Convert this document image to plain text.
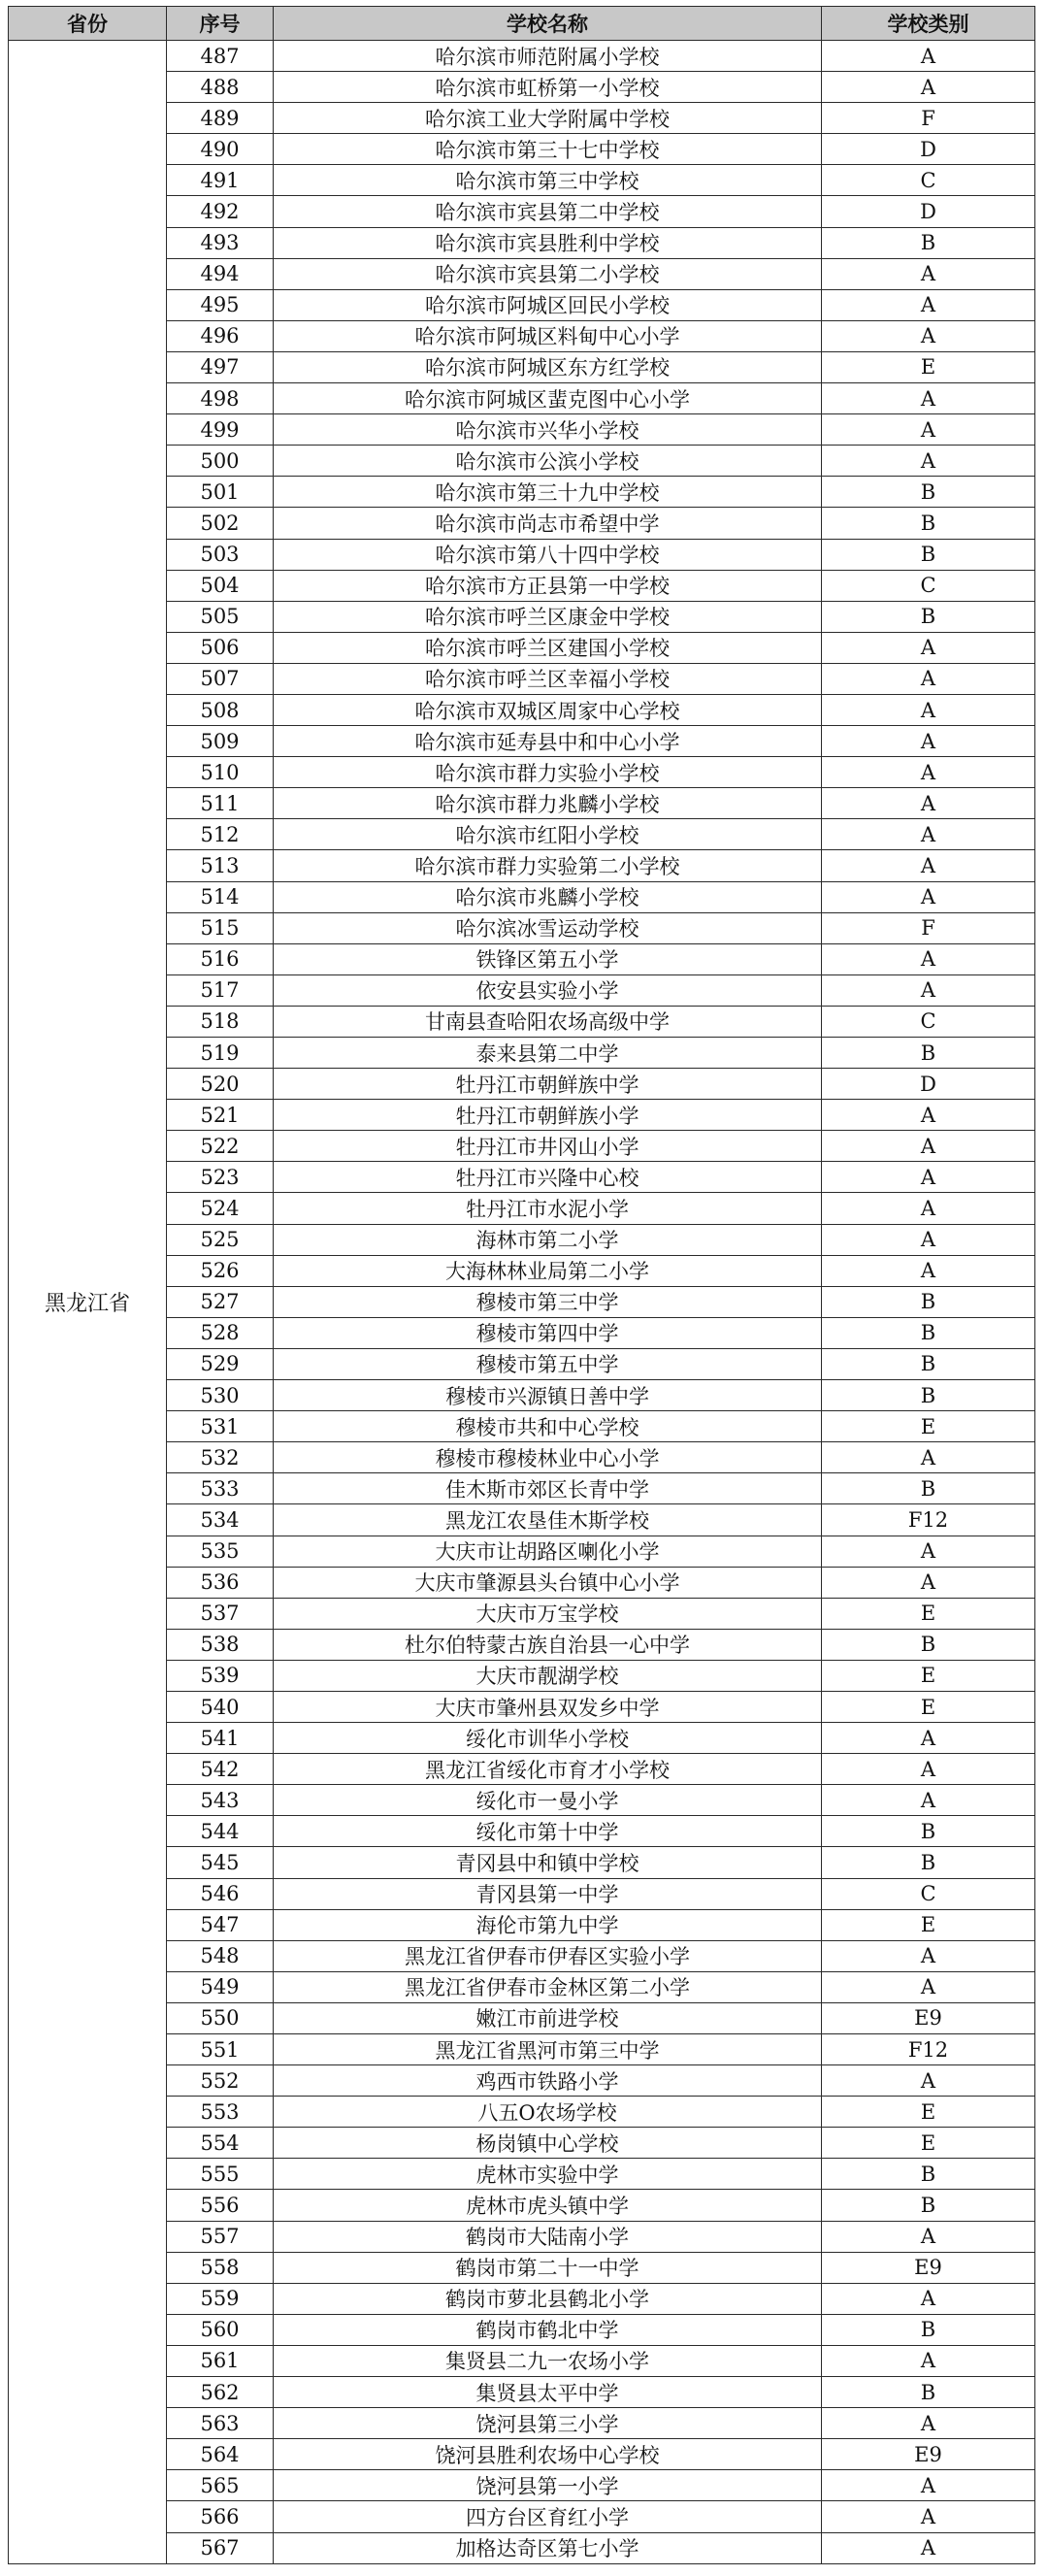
省份	序号	学校名称	学校类别
黑龙江省	487	哈尔滨市师范附属小学校	A
	488	哈尔滨市虹桥第一小学校	A
	489	哈尔滨工业大学附属中学校	F
	490	哈尔滨市第三十七中学校	D
	491	哈尔滨市第三中学校	C
	492	哈尔滨市宾县第二中学校	D
	493	哈尔滨市宾县胜利中学校	B
	494	哈尔滨市宾县第二小学校	A
	495	哈尔滨市阿城区回民小学校	A
	496	哈尔滨市阿城区料甸中心小学	A
	497	哈尔滨市阿城区东方红学校	E
	498	哈尔滨市阿城区蜚克图中心小学	A
	499	哈尔滨市兴华小学校	A
	500	哈尔滨市公滨小学校	A
	501	哈尔滨市第三十九中学校	B
	502	哈尔滨市尚志市希望中学	B
	503	哈尔滨市第八十四中学校	B
	504	哈尔滨市方正县第一中学校	C
	505	哈尔滨市呼兰区康金中学校	B
	506	哈尔滨市呼兰区建国小学校	A
	507	哈尔滨市呼兰区幸福小学校	A
	508	哈尔滨市双城区周家中心学校	A
	509	哈尔滨市延寿县中和中心小学	A
	510	哈尔滨市群力实验小学校	A
	511	哈尔滨市群力兆麟小学校	A
	512	哈尔滨市红阳小学校	A
	513	哈尔滨市群力实验第二小学校	A
	514	哈尔滨市兆麟小学校	A
	515	哈尔滨冰雪运动学校	F
	516	铁锋区第五小学	A
	517	依安县实验小学	A
	518	甘南县查哈阳农场高级中学	C
	519	泰来县第二中学	B
	520	牡丹江市朝鲜族中学	D
	521	牡丹江市朝鲜族小学	A
	522	牡丹江市井冈山小学	A
	523	牡丹江市兴隆中心校	A
	524	牡丹江市水泥小学	A
	525	海林市第二小学	A
	526	大海林林业局第二小学	A
	527	穆棱市第三中学	B
	528	穆棱市第四中学	B
	529	穆棱市第五中学	B
	530	穆棱市兴源镇日善中学	B
	531	穆棱市共和中心学校	E
	532	穆棱市穆棱林业中心小学	A
	533	佳木斯市郊区长青中学	B
	534	黑龙江农垦佳木斯学校	F12
	535	大庆市让胡路区喇化小学	A
	536	大庆市肇源县头台镇中心小学	A
	537	大庆市万宝学校	E
	538	杜尔伯特蒙古族自治县一心中学	B
	539	大庆市靓湖学校	E
	540	大庆市肇州县双发乡中学	E
	541	绥化市训华小学校	A
	542	黑龙江省绥化市育才小学校	A
	543	绥化市一曼小学	A
	544	绥化市第十中学	B
	545	青冈县中和镇中学校	B
	546	青冈县第一中学	C
	547	海伦市第九中学	E
	548	黑龙江省伊春市伊春区实验小学	A
	549	黑龙江省伊春市金林区第二小学	A
	550	嫩江市前进学校	E9
	551	黑龙江省黑河市第三中学	F12
	552	鸡西市铁路小学	A
	553	八五O农场学校	E
	554	杨岗镇中心学校	E
	555	虎林市实验中学	B
	556	虎林市虎头镇中学	B
	557	鹤岗市大陆南小学	A
	558	鹤岗市第二十一中学	E9
	559	鹤岗市萝北县鹤北小学	A
	560	鹤岗市鹤北中学	B
	561	集贤县二九一农场小学	A
	562	集贤县太平中学	B
	563	饶河县第三小学	A
	564	饶河县胜利农场中心学校	E9
	565	饶河县第一小学	A
	566	四方台区育红小学	A
	567	加格达奇区第七小学	A
